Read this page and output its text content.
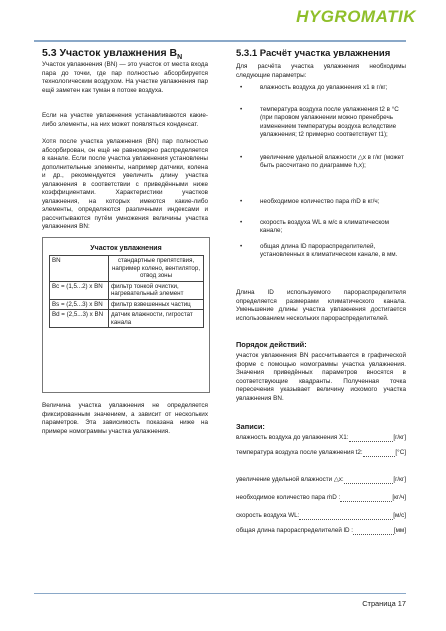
HYGROMATIK
5.3 Участок увлажнения $B_N$
Участок увлажнения (BN) — это участок от места входа пара до точки, где пар полностью абсорбируется технологическим воздухом. На участке увлажнения пар ещё заметен как туман в потоке воздуха.
Если на участке увлажнения устанавливаются какие-либо элементы, на них может появляться конденсат.
Хотя после участка увлажнения (BN) пар полностью абсорбирован, он ещё не равномерно распределяется в канале. Если после участка увлажнения установлены дополнительные элементы, например датчики, колена и др., рекомендуется увеличить длину участка увлажнения в соответствии с приведёнными ниже коэффициентами. Характеристики участков увлажнения, на которых имеются какие-либо элементы, определяются различными индексами и рассчитываются путём умножения величины участка увлажнения BN:
Участок увлажнения
BN	стандартные препятствия, например колено, вентилятор, отвод зоны
Bc = (1,5...2) x BN	фильтр тонкой очистки, нагревательный элемент
Bs = (2,5...3) x BN	фильтр взвешенных частиц
Bd = (2,5...3) x BN	датчик влажности, гигростат канала
Величина участка увлажнения не определяется фиксированным значением, а зависит от нескольких параметров. Эта зависимость показана ниже на примере номограммы участка увлажнения.
5.3.1 Расчёт участка увлажнения
Для расчёта участка увлажнения необходимы следующие параметры:
•	влажность воздуха до увлажнения x1 в г/кг;
•	температура воздуха после увлажнения t2 в °С (при паровом увлажнении можно пренебречь изменением температуры воздуха вследствие увлажнения; t2 примерно соответствует t1);
•	увеличение удельной влажности △x в г/кг (может быть рассчитано по диаграмме h,x);
•	необходимое количество пара ṁD в кг/ч;
•	скорость воздуха WL в м/с в климатическом канале;
•	общая длина lD парораспределителей, установленных в климатическом канале, в мм.
Длина lD используемого парораспределителя определяется размерами климатического канала. Уменьшение длины участка увлажнения достигается использованием нескольких парораспределителей.
Порядок действий:
участок увлажнения BN рассчитывается в графической форме с помощью номограммы участка увлажнения. Значения приведённых параметров вносятся в соответствующие квадранты. Полученная точка пересечения указывает величину искомого участка увлажнения BN.
Записи:
влажность воздуха до увлажнения X1:	[г/кг]
температура воздуха после увлажнения t2:	[°C]
увеличение удельной влажности △x:	[г/кг]
необходимое количество пара ṁD :	[кг/ч]
скорость воздуха WL:	[м/с]
общая длина парораспределителей lD :	[мм]
Страница 17
